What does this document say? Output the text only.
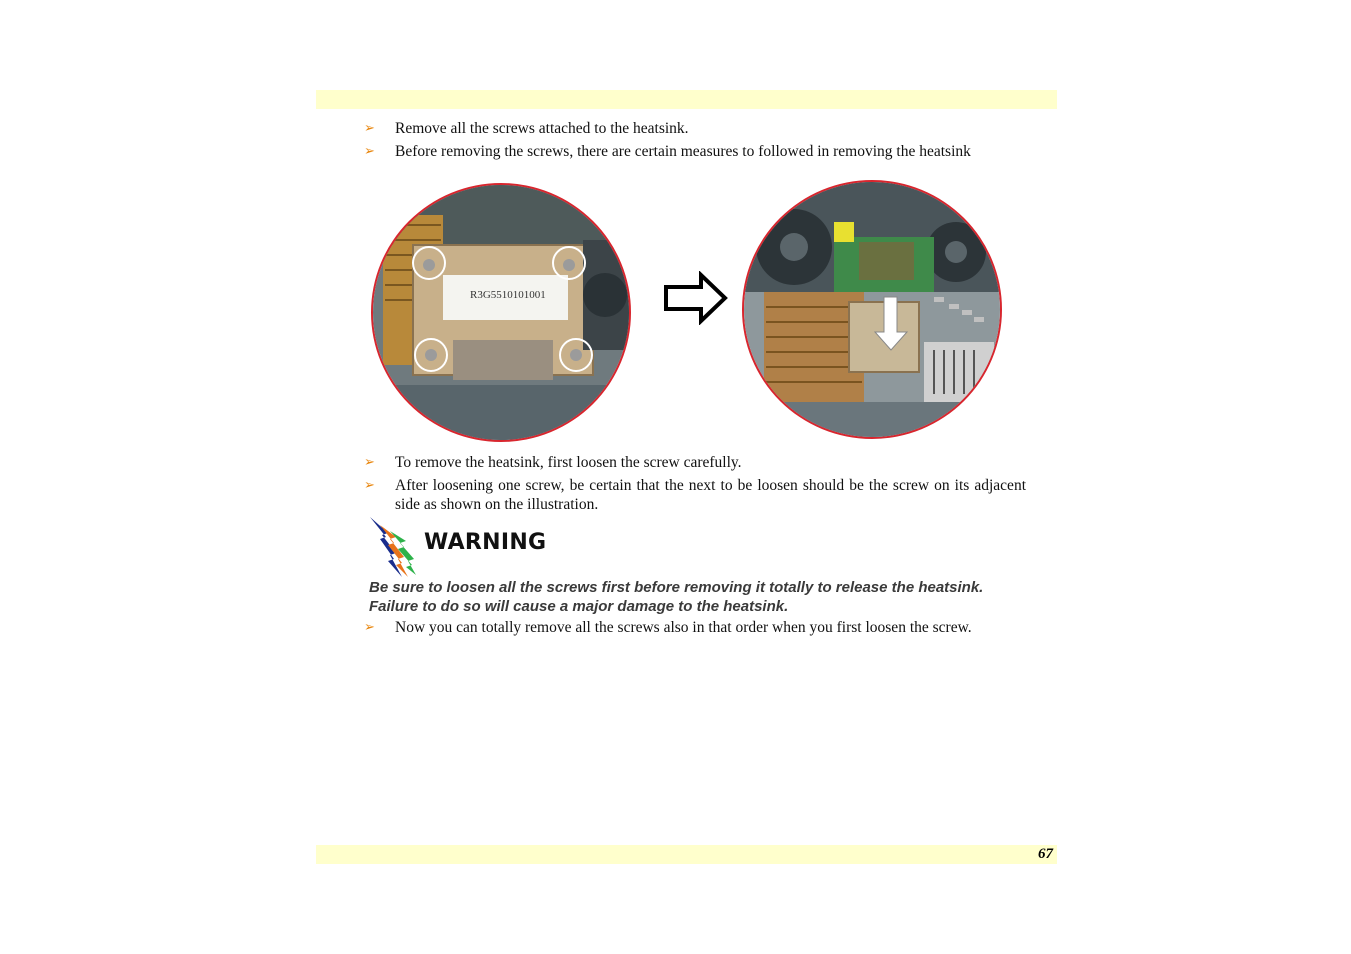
➢ Remove all the screws attached to the heatsink.
➢ Before removing the screws, there are certain measures to followed in removing the heatsink
R3G5510101001
➢ To remove the heatsink, first loosen the screw carefully.
➢ After loosening one screw, be certain that the next to be loosen should be the screw on its adjacent side as shown on the illustration.
WARNING
Be sure to loosen all the screws first before removing it totally to release the heatsink.
Failure to do so will cause a major damage to the heatsink.
➢ Now you can totally remove all the screws also in that order when you first loosen the screw.
67
